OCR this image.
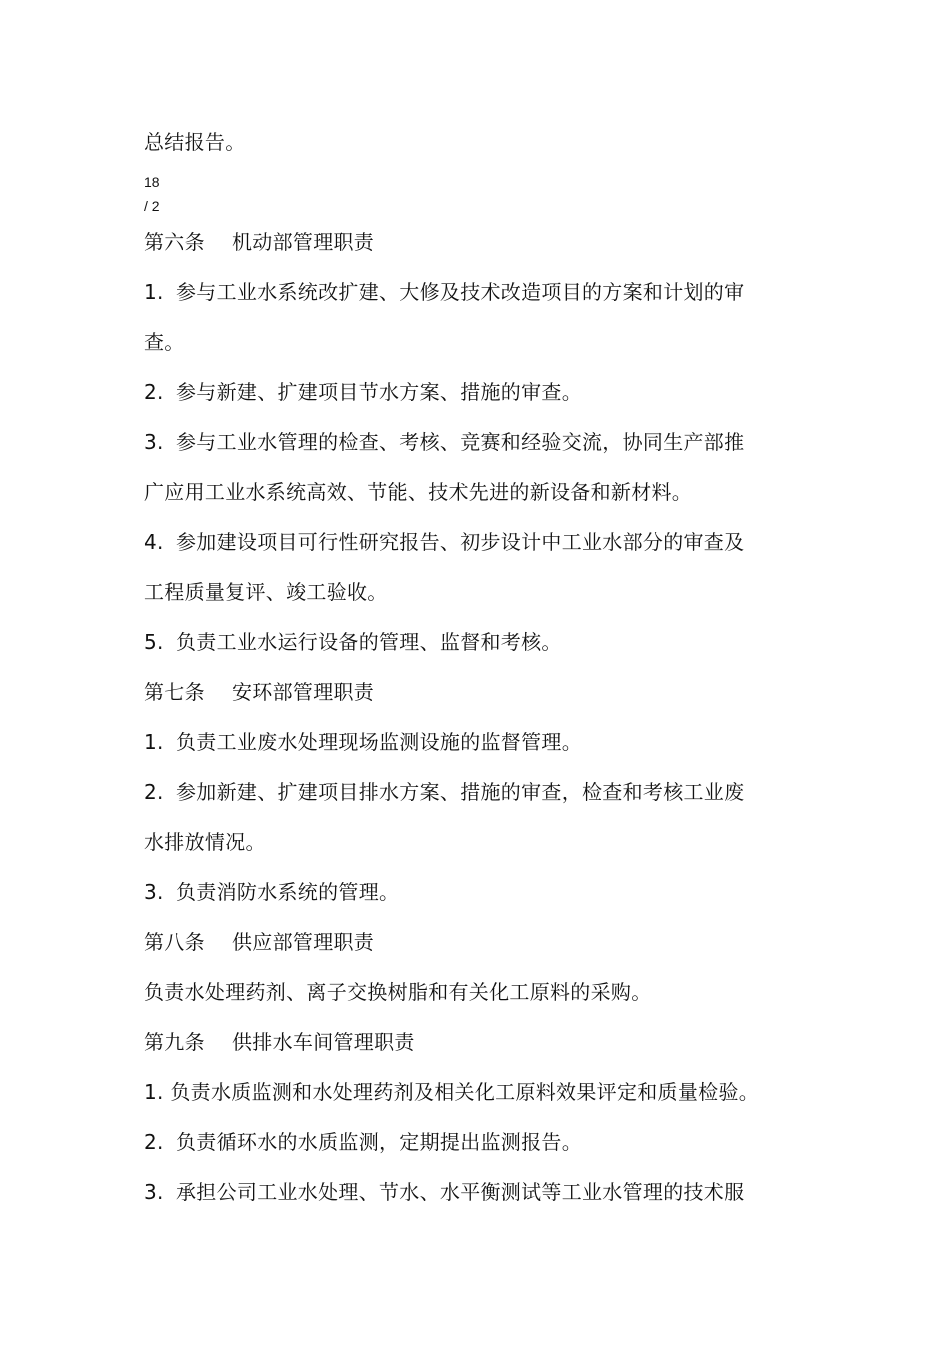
总结报告。
18
/ 2
第六条 机动部管理职责
1. 参与工业水系统改扩建、大修及技术改造项目的方案和计划的审
查。
2. 参与新建、扩建项目节水方案、措施的审查。
3. 参与工业水管理的检查、考核、竞赛和经验交流，协同生产部推
广应用工业水系统高效、节能、技术先进的新设备和新材料。
4. 参加建设项目可行性研究报告、初步设计中工业水部分的审查及
工程质量复评、竣工验收。
5. 负责工业水运行设备的管理、监督和考核。
第七条 安环部管理职责
1. 负责工业废水处理现场监测设施的监督管理。
2. 参加新建、扩建项目排水方案、措施的审查，检查和考核工业废
水排放情况。
3. 负责消防水系统的管理。
第八条 供应部管理职责
负责水处理药剂、离子交换树脂和有关化工原料的采购。
第九条 供排水车间管理职责
1. 负责水质监测和水处理药剂及相关化工原料效果评定和质量检验。
2. 负责循环水的水质监测，定期提出监测报告。
3. 承担公司工业水处理、节水、水平衡测试等工业水管理的技术服
